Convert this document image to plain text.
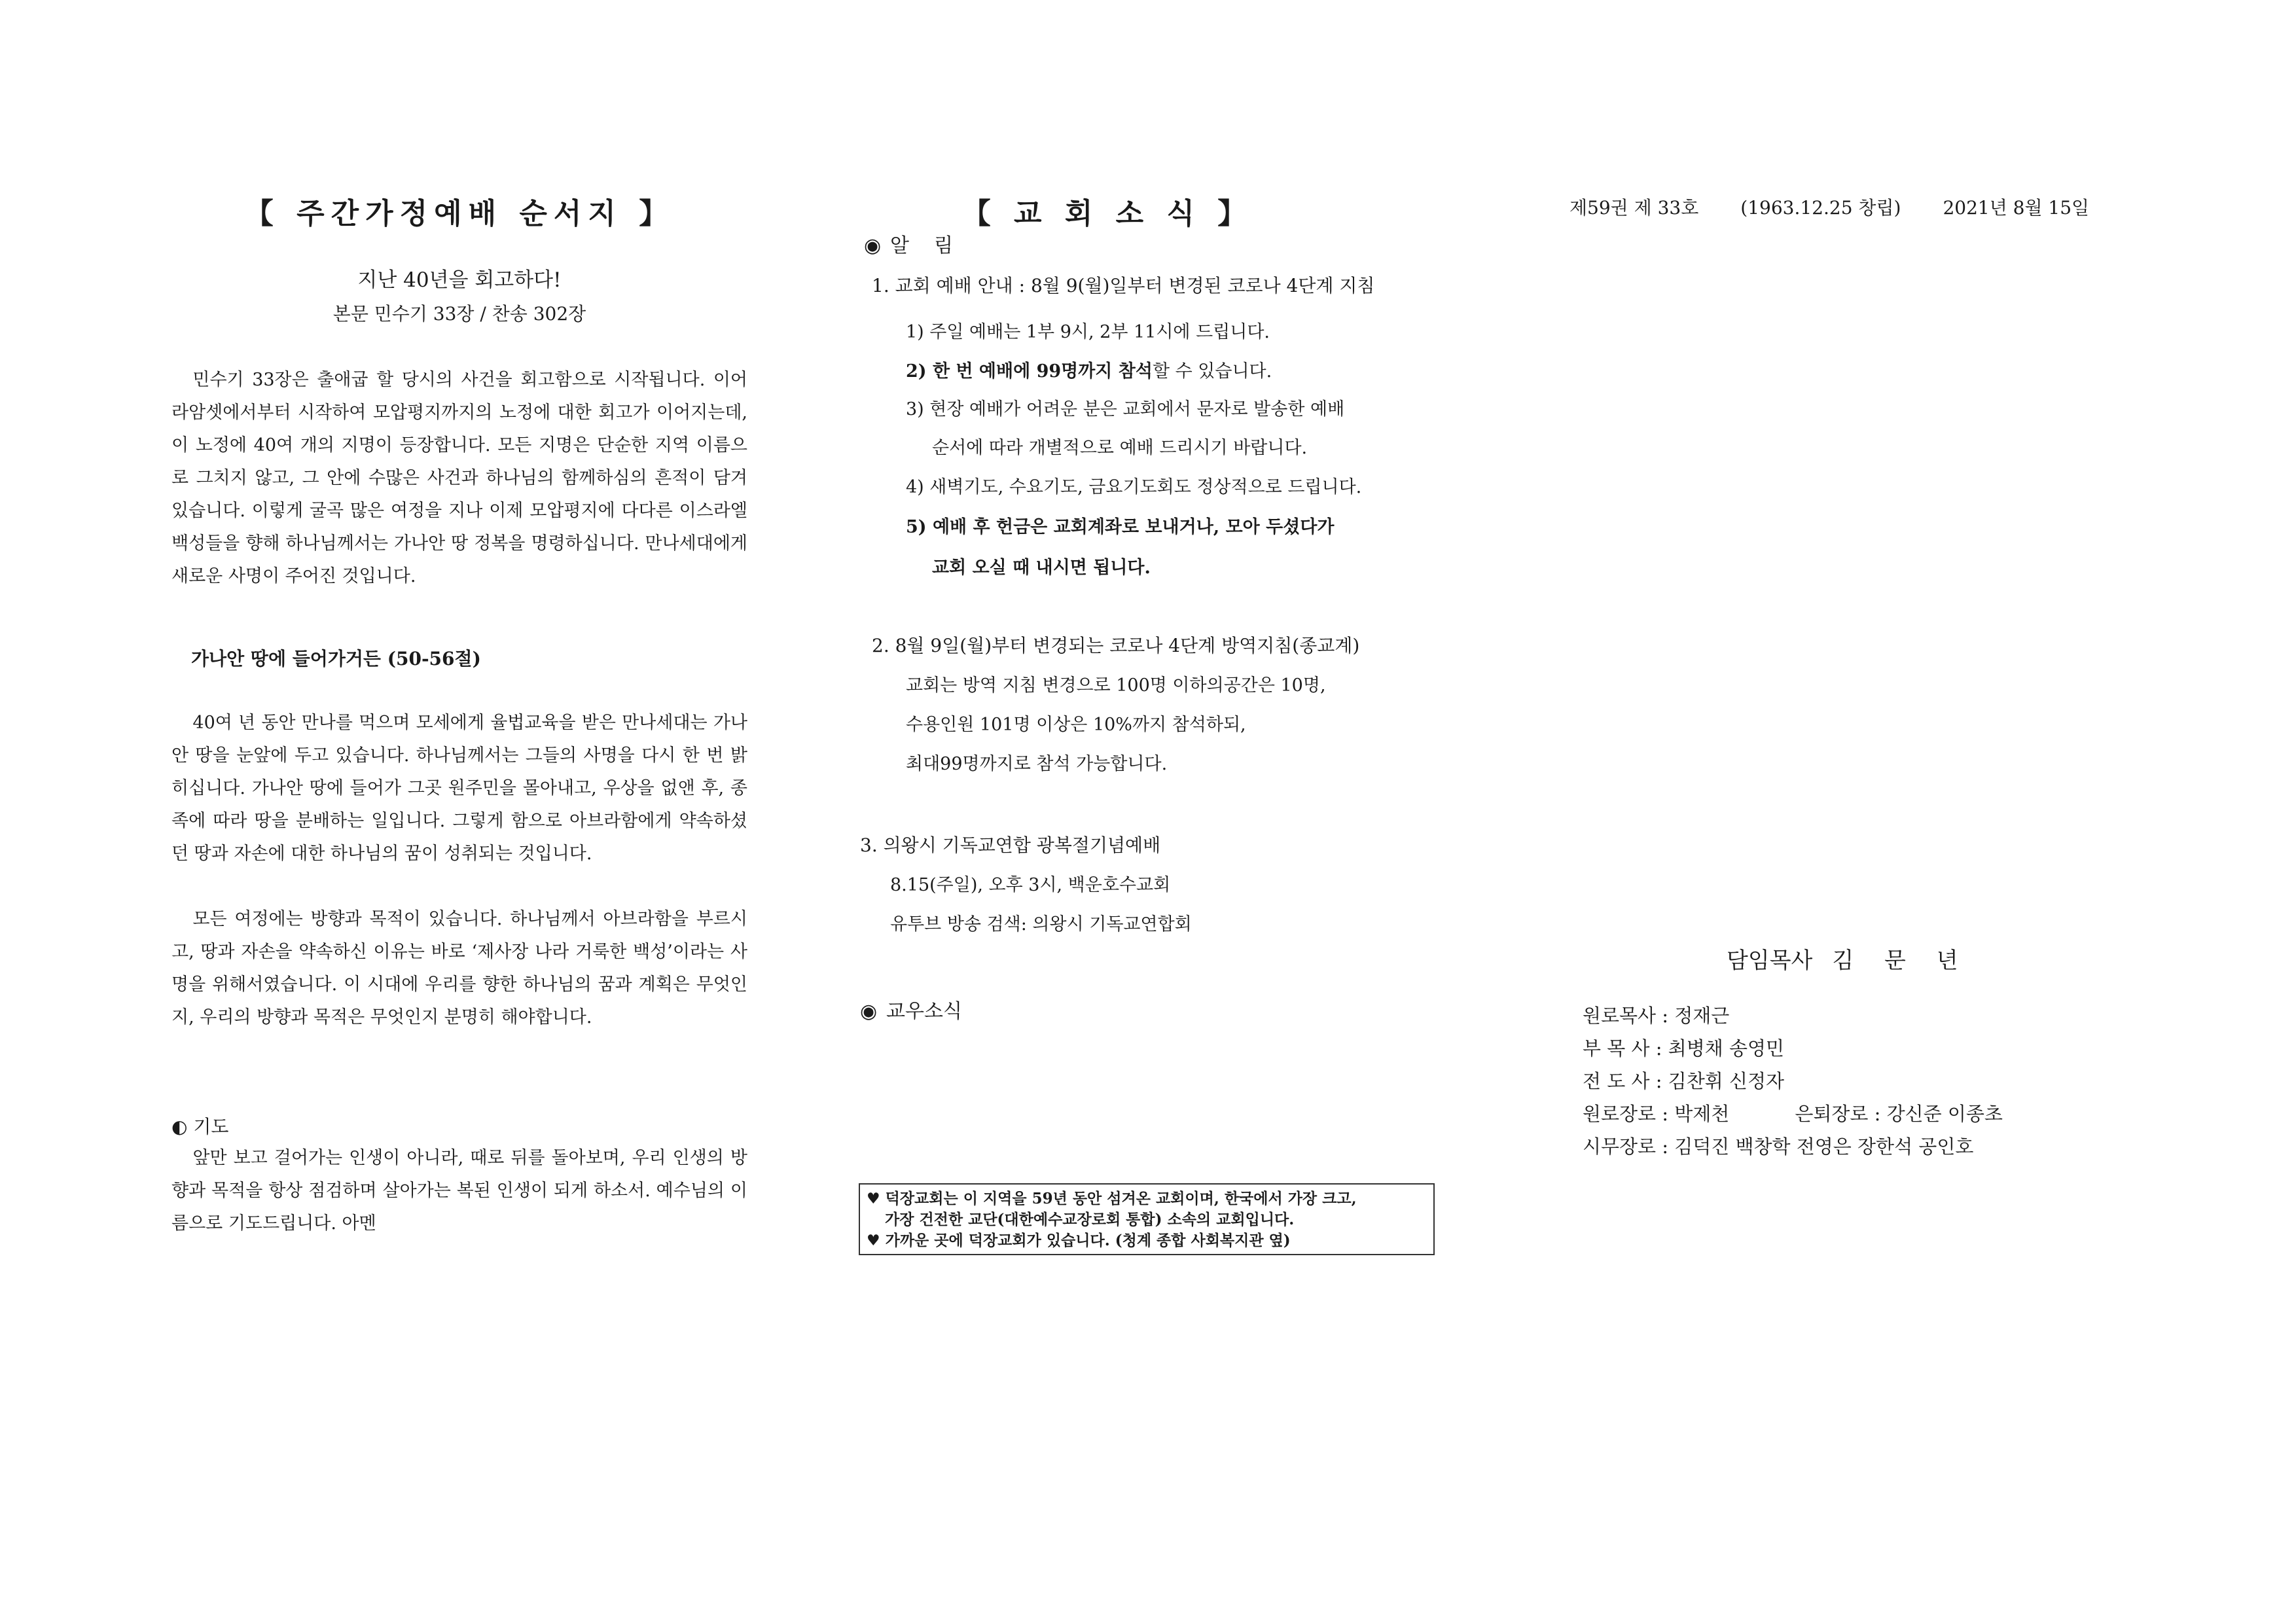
【 주간가정예배 순서지 】
지난 40년을 회고하다!
본문 민수기 33장 / 찬송 302장

민수기 33장은 출애굽 할 당시의 사건을 회고함으로 시작됩니다. 이어 라암셋에서부터 시작하여 모압평지까지의 노정에 대한 회고가 이어지는데, 이 노정에 40여 개의 지명이 등장합니다. 모든 지명은 단순한 지역 이름으로 그치지 않고, 그 안에 수많은 사건과 하나님의 함께하심의 흔적이 담겨 있습니다. 이렇게 굴곡 많은 여정을 지나 이제 모압평지에 다다른 이스라엘 백성들을 향해 하나님께서는 가나안 땅 정복을 명령하십니다. 만나세대에게 새로운 사명이 주어진 것입니다.

가나안 땅에 들어가거든 (50-56절)

40여 년 동안 만나를 먹으며 모세에게 율법교육을 받은 만나세대는 가나안 땅을 눈앞에 두고 있습니다. 하나님께서는 그들의 사명을 다시 한 번 밝히십니다. 가나안 땅에 들어가 그곳 원주민을 몰아내고, 우상을 없앤 후, 종족에 따라 땅을 분배하는 일입니다. 그렇게 함으로 아브라함에게 약속하셨던 땅과 자손에 대한 하나님의 꿈이 성취되는 것입니다.

모든 여정에는 방향과 목적이 있습니다. 하나님께서 아브라함을 부르시고, 땅과 자손을 약속하신 이유는 바로 ‘제사장 나라 거룩한 백성’이라는 사명을 위해서였습니다. 이 시대에 우리를 향한 하나님의 꿈과 계획은 무엇인지, 우리의 방향과 목적은 무엇인지 분명히 해야합니다.

◐ 기도

앞만 보고 걸어가는 인생이 아니라, 때로 뒤를 돌아보며, 우리 인생의 방향과 목적을 항상 점검하며 살아가는 복된 인생이 되게 하소서. 예수님의 이름으로 기도드립니다. 아멘

【 교 회 소 식 】
◉ 알    림
1. 교회 예배 안내 : 8월 9(월)일부터 변경된 코로나 4단계 지침
1) 주일 예배는 1부 9시, 2부 11시에 드립니다.
2) 한 번 예배에 99명까지 참석할 수 있습니다.
3) 현장 예배가 어려운 분은 교회에서 문자로 발송한 예배
순서에 따라 개별적으로 예배 드리시기 바랍니다.
4) 새벽기도, 수요기도, 금요기도회도 정상적으로 드립니다.
5) 예배 후 헌금은 교회계좌로 보내거나, 모아 두셨다가
교회 오실 때 내시면 됩니다.
2. 8월 9일(월)부터 변경되는 코로나 4단계 방역지침(종교계)
교회는 방역 지침 변경으로 100명 이하의공간은 10명,
수용인원 101명 이상은 10%까지 참석하되,
최대99명까지로 참석 가능합니다.
3. 의왕시 기독교연합 광복절기념예배
8.15(주일), 오후 3시, 백운호수교회
유투브 방송 검색: 의왕시 기독교연합회
◉ 교우소식
♥ 덕장교회는 이 지역을 59년 동안 섬겨온 교회이며, 한국에서 가장 크고,
가장 건전한 교단(대한예수교장로회 통합) 소속의 교회입니다.
♥ 가까운 곳에 덕장교회가 있습니다. (청계 종합 사회복지관 옆)
제59권 제 33호 (1963.12.25 창립) 2021년 8월 15일
담임목사 김 문 년
원로목사 : 정재근
부 목 사 : 최병채 송영민
전 도 사 : 김찬휘 신정자
원로장로 : 박제천	은퇴장로 : 강신준 이종초
시무장로 : 김덕진 백창학 전영은 장한석 공인호
